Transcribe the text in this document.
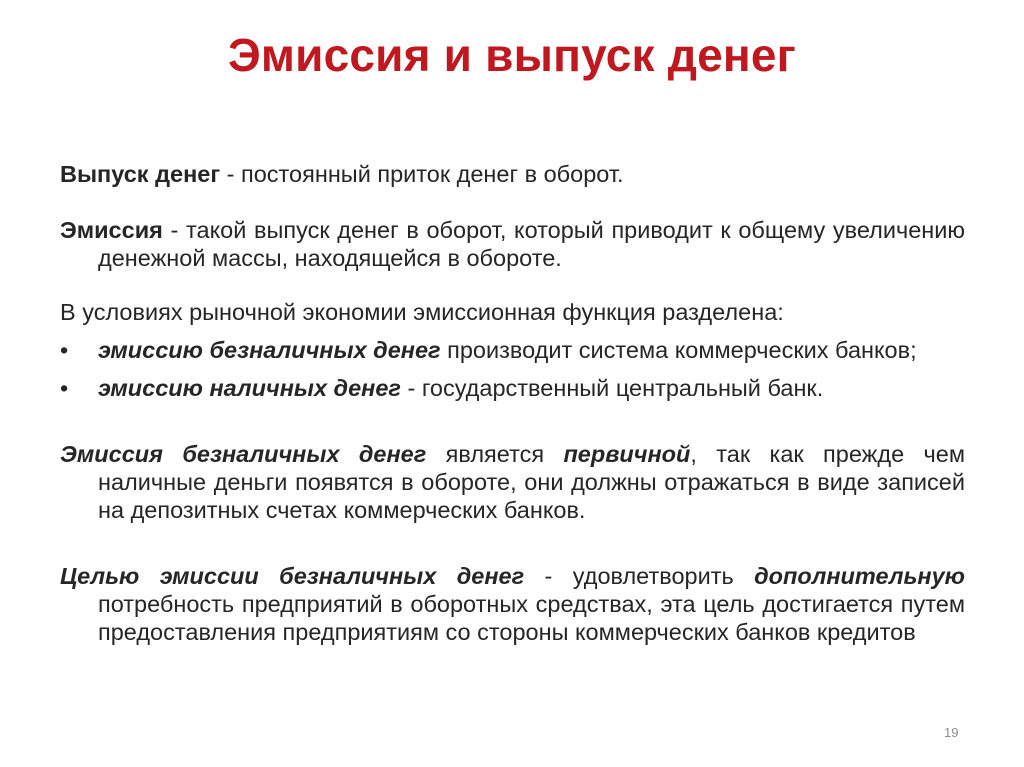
Эмиссия и выпуск денег

Выпуск денег - постоянный приток денег в оборот.

Эмиссия - такой выпуск денег в оборот, который приводит к общему увеличению денежной массы, находящейся в обороте.

В условиях рыночной экономии эмиссионная функция разделена:

• эмиссию безналичных денег производит система коммерческих банков;
• эмиссию наличных денег - государственный центральный банк.

Эмиссия безналичных денег является первичной, так как прежде чем наличные деньги появятся в обороте, они должны отражаться в виде записей на депозитных счетах коммерческих банков.

Целью эмиссии безналичных денег - удовлетворить дополнительную потребность предприятий в оборотных средствах, эта цель достигается путем предоставления предприятиям со стороны коммерческих банков кредитов

19
